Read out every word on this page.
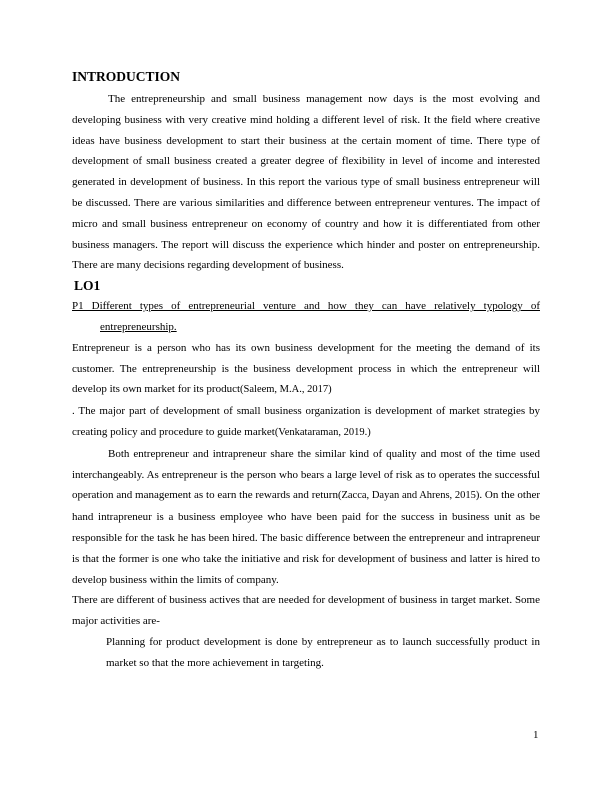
INTRODUCTION

The entrepreneurship and small business management now days is the most evolving and developing business with very creative mind holding a different level of risk. It the field where creative ideas have business development to start their business at the certain moment of time. There type of development of small business created a greater degree of flexibility in level of income and interested generated in development of business. In this report the various type of small business entrepreneur will be discussed. There are various similarities and difference between entrepreneur ventures. The impact of micro and small business entrepreneur on economy of country and how it is differentiated from other business managers. The report will discuss the experience which hinder and poster on entrepreneurship. There are many decisions regarding development of business.

LO1

P1 Different types of entrepreneurial venture and how they can have relatively typology of entrepreneurship.

Entrepreneur is a person who has its own business development for the meeting the demand of its customer. The entrepreneurship is the business development process in which the entrepreneur will develop its own market for its product(Saleem, M.A., 2017)

. The major part of development of small business organization is development of market strategies by creating policy and procedure to guide market(Venkataraman, 2019.)

Both entrepreneur and intrapreneur share the similar kind of quality and most of the time used interchangeably. As entrepreneur is the person who bears a large level of risk as to operates the successful operation and management as to earn the rewards and return(Zacca, Dayan and Ahrens, 2015). On the other hand intrapreneur is a business employee who have been paid for the success in business unit as be responsible for the task he has been hired. The basic difference between the entrepreneur and intrapreneur is that the former is one who take the initiative and risk for development of business and latter is hired to develop business within the limits of company.

There are different of business actives that are needed for development of business in target market. Some major activities are-

Planning for product development is done by entrepreneur as to launch successfully product in market so that the more achievement in targeting.
1
